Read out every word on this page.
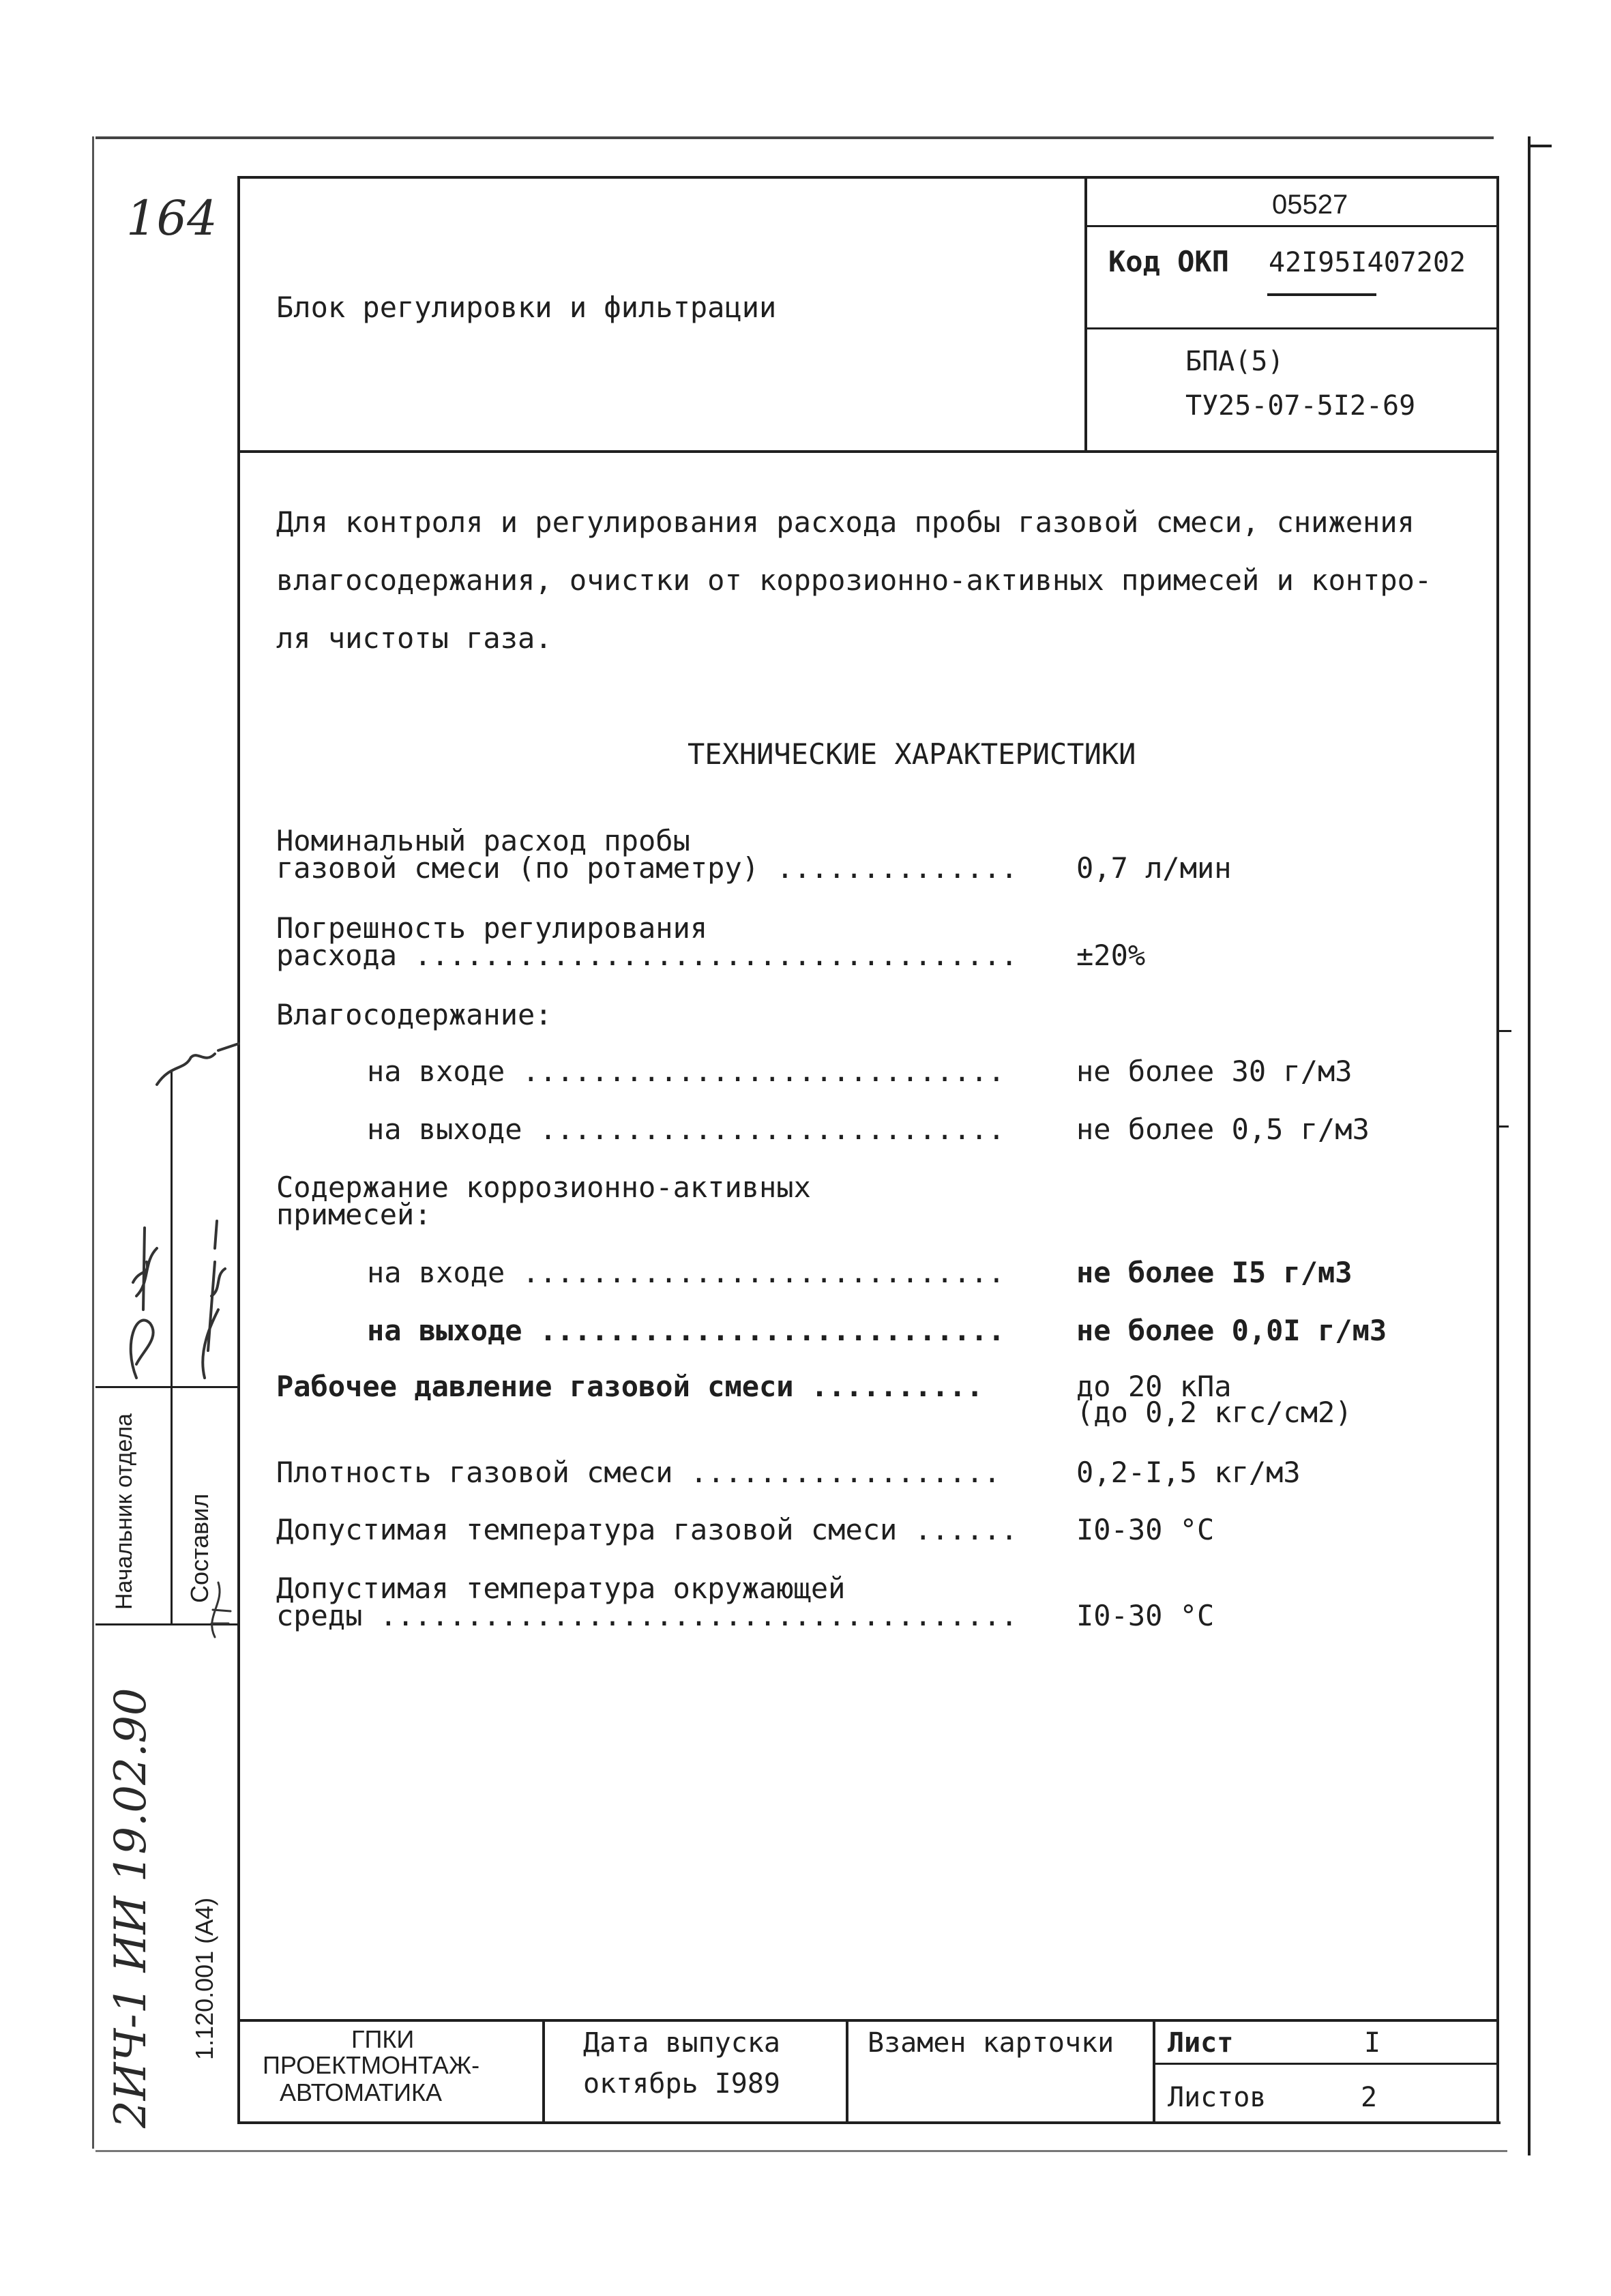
164
Блок регулировки и фильтрации
05527
Код ОКП 42I95I407202
БПА(5)
ТУ25-07-5I2-69
Для контроля и регулирования расхода пробы газовой смеси, снижения
влагосодержания, очистки от коррозионно-активных примесей и контро-
ля чистоты газа.
ТЕХНИЧЕСКИЕ ХАРАКТЕРИСТИКИ
Номинальный расход пробы
газовой смеси (по ротаметру) .............. 0,7 л/мин
Погрешность регулирования
расхода ................................... ±20%
Влагосодержание:
на входе ............................ не более 30 г/м3
на выходе ........................... не более 0,5 г/м3
Содержание коррозионно-активных
примесей:
на входе ............................ не более I5 г/м3
на выходе ........................... не более 0,0I г/м3
Рабочее давление газовой смеси ..........	до 20 кПа
(до 0,2 кгс/см2)
Плотность газовой смеси ..................	0,2-I,5 кг/м3
Допустимая температура газовой смеси ...... I0-30 °C
Допустимая температура окружающей
среды ..................................... I0-30 °C
ГПКИ
ПРОЕКТМОНТАЖ-
АВТОМАТИКА
Дата выпуска
октябрь I989
Взамен карточки Лист	I
Листов	2
Начальник отдела Составил
1.120.001 (А4)
2ИЧ-1 ИИ 19.02.90
